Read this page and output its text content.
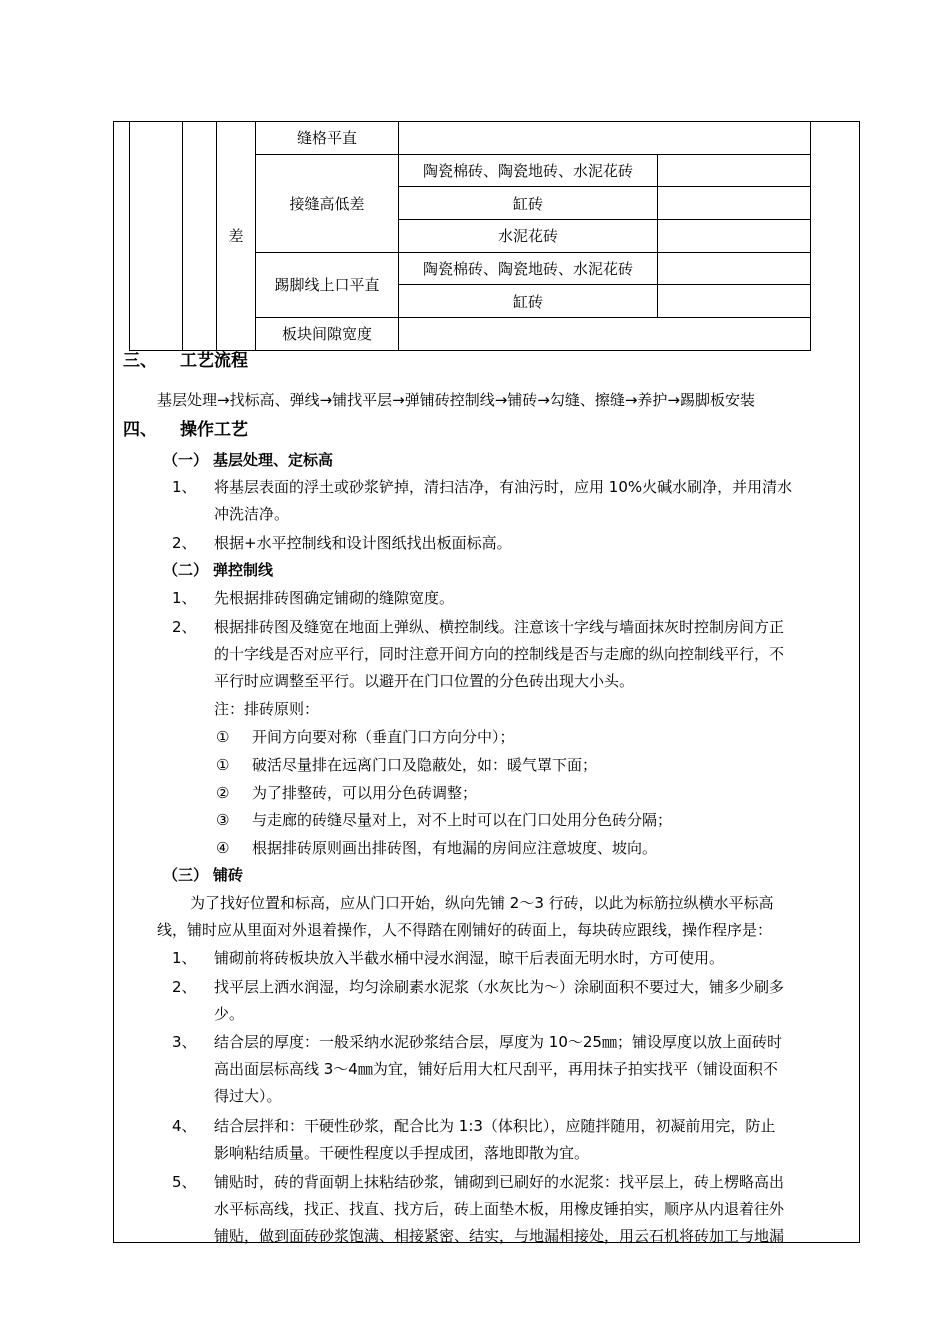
		差	缝格平直		
			接缝高低差	陶瓷棉砖、陶瓷地砖、水泥花砖	
				缸砖	
				水泥花砖	
			踢脚线上口平直	陶瓷棉砖、陶瓷地砖、水泥花砖	
				缸砖	
			板块间隙宽度		
三、 工艺流程
基层处理→找标高、弹线→铺找平层→弹铺砖控制线→铺砖→勾缝、擦缝→养护→踢脚板安装
四、 操作工艺
（一） 基层处理、定标高
1、 将基层表面的浮土或砂浆铲掉，清扫洁净，有油污时，应用 10%火碱水刷净，并用清水
冲洗洁净。
2、 根据+水平控制线和设计图纸找出板面标高。
（二） 弹控制线
1、 先根据排砖图确定铺砌的缝隙宽度。
2、 根据排砖图及缝宽在地面上弹纵、横控制线。注意该十字线与墙面抹灰时控制房间方正
的十字线是否对应平行，同时注意开间方向的控制线是否与走廊的纵向控制线平行，不
平行时应调整至平行。以避开在门口位置的分色砖出现大小头。
注：排砖原则：
① 开间方向要对称（垂直门口方向分中）；
① 破活尽量排在远离门口及隐蔽处，如：暖气罩下面；
② 为了排整砖，可以用分色砖调整；
③ 与走廊的砖缝尽量对上，对不上时可以在门口处用分色砖分隔；
④ 根据排砖原则画出排砖图，有地漏的房间应注意坡度、坡向。
（三） 铺砖
为了找好位置和标高，应从门口开始，纵向先铺 2～3 行砖，以此为标筋拉纵横水平标高
线，铺时应从里面对外退着操作，人不得踏在刚铺好的砖面上，每块砖应跟线，操作程序是：
1、 铺砌前将砖板块放入半截水桶中浸水润湿，晾干后表面无明水时，方可使用。
2、 找平层上洒水润湿，均匀涂刷素水泥浆（水灰比为～）涂刷面积不要过大，铺多少刷多
少。
3、 结合层的厚度：一般采纳水泥砂浆结合层，厚度为 10～25㎜；铺设厚度以放上面砖时
高出面层标高线 3～4㎜为宜，铺好后用大杠尺刮平，再用抹子拍实找平（铺设面积不
得过大）。
4、 结合层拌和：干硬性砂浆，配合比为 1:3（体积比），应随拌随用，初凝前用完，防止
影响粘结质量。干硬性程度以手捏成团，落地即散为宜。
5、 铺贴时，砖的背面朝上抹粘结砂浆，铺砌到已刷好的水泥浆：找平层上，砖上楞略高出
水平标高线，找正、找直、找方后，砖上面垫木板，用橡皮锤拍实，顺序从内退着往外
铺贴，做到面砖砂浆饱满、相接紧密、结实，与地漏相接处，用云石机将砖加工与地漏
